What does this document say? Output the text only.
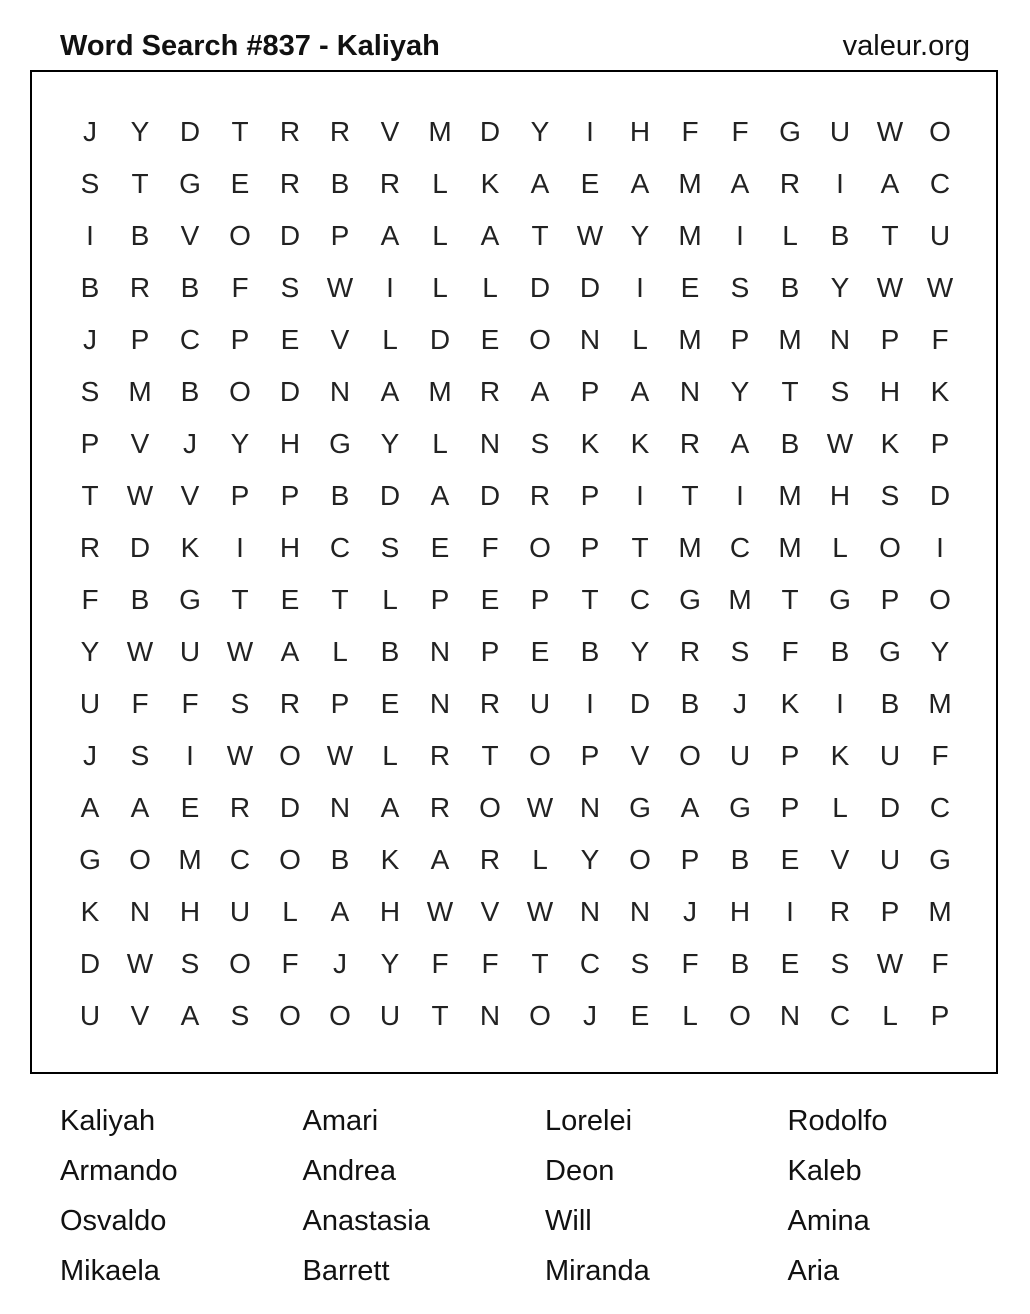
Word Search #837 - Kaliyah	valeur.org
J	Y	D	T	R	R	V	M	D	Y	I	H	F	F	G	U W O
S	T	G	E	R	B	R	L	K	A	E	A	M	A	R	I	A	C
I	B	V	O	D	P	A	L	A	T	W Y	M	I	L	B	T	U
B	R	B	F	S W	I	L	L	D	D	I	E	S	B	Y W W
J	P	C	P	E	V	L	D	E	O	N	L	M	P	M	N	P	F
S	M	B	O	D	N	A	M	R	A	P	A	N	Y	T	S	H	K
P	V	J	Y	H	G	Y	L	N	S	K	K	R	A	B W K	P
T	W V	P	P	B	D	A	D	R	P	I	T	I	M	H	S	D
R	D	K	I	H	C	S	E	F	O	P	T	M	C	M	L	O	I
F	B	G	T	E	T	L	P	E	P	T	C	G M	T	G	P	O
Y W U W A	L	B	N	P	E	B	Y	R	S	F	B	G	Y
U	F	F	S	R	P	E	N	R	U	I	D	B	J	K	I	B	M
J	S	I	W O W	L	R	T	O	P	V	O	U	P	K	U	F
A	A	E	R	D	N	A	R	O W N	G	A	G	P	L	D	C
G	O M	C	O	B	K	A	R	L	Y	O	P	B	E	V	U	G
K	N	H	U	L	A	H W V W N	N	J	H	I	R	P	M
D W S	O	F	J	Y	F	F	T	C	S	F	B	E	S W	F
U	V	A	S	O	O	U	T	N	O	J	E	L	O	N	C	L	P
Kaliyah	Amari	Lorelei	Rodolfo
Armando	Andrea	Deon	Kaleb
Osvaldo	Anastasia	Will	Amina
Mikaela	Barrett	Miranda	Aria
